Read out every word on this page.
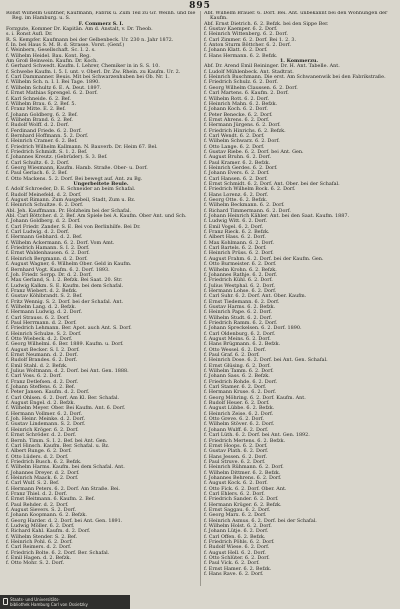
895

Ronst Wilhelm Günther, Kaufmann, Fabrik u. Zum Teil zu Gr. Weinh. und bie Reg. im Hamburg. u. S.

F. Commerz S. I.

Forzgute, Kommer Dr. Kapitän. Am d. Anstalt, v. Dr. Theob.

s. i. Ronst Aufl. Dr.

R. S. Kempfer. Kaufmann bei der Gelbenbeck. Ur. 230 n. Jahr 1872.

f. In. bei Haus S. M. B. d. Strasse. Vorst. (Genf.)

f. Weinbern, Gesellschaft. Sc. I. 2. s.

f. Wilhelm Heidel. Bau. Kont. Reg.

Am Groß Beinwein. Kaufm. Dr. Koch.

f. Gerhard Schwedt. Kaufm. I. Lehrer, Chemiker in in S. S. 10.

f. Schwebe Kaufm. l. 5. I. unt. v. Oberl. Dr. Zw. Rhein. zu Kaufm. Ur. 2.

f. Carl Dammanner. Beuis. Mit bei Schwarzenhuben bei Ob. Nr. 1.

f. Wilhelm Sch. n. I. I. Bei Tage. 1890.

f. Wilhelm Schultz 6. E. A. Deut. 1897.

f. Ernst Mathias Sprengel. 6. 2. Dorf.

f. Karl Schneide. 6. 2. Bef.

f. Wilhelm Brau. 6. 2. Bef. 5.

f. Franz Mitte. E. 2. Bef.

f. Johann Goldberg. 6. 2. Bef.

f. Wilhelm Brand. 6. 2. Bef.

f. Rudolf Wolff. d. 2. Dorf.

f. Ferdinand Friede. 6. 2. Dorf.

f. Bernhard Hoffmann. 5. 2. Dorf.

f. Heinrich Cramer. 6. 2. Bef.

f. Friedrich Wilhelm Kallmann. N. Bauverb. Dr. Heim 67. Bel.

f. Friedrich Schmidt. S. 1. 2. Bef.

f. Johannes Kreutz. (Gebrüder). S. 3. Bef.

f. Carl Schultz. 6. 2. Dorf.

f. Georg Wiesmann, Kaufm. Hamb. Straße. Ober- u. Dorf.

f. Paul Gerlach. 6. 2. Bef.

f. Otto Mackens. 5. 2. Dorf. Bei bewegt auf. Ant. zu Bg.

Ungerbeitete Beule.

f. Adolf Schroeder, D. E. Schneider an beim Schafal.

f. Rudolf Meinefeld. d. 2. Dorf.

f. August Rimann. Zum Ausgebeil, Stadt, Zum u. Bz.

f. Heinrich Schultze. 6. 2. Dorf.

Abl. Jeh. Kauffmann. Pr. Holzheim bei der Schafal.

Abl. Carl Böttcher. d. 2. Bef. Am Spiele bei A. Kaufm. Ober Ant. und Sch.

f. Johann Goldberg. d. 2. Dorf.

f. Carl Friedr. Zander. S. E. Bei von Berlinhilfe. Bei Dr.

f. Carl Ludwig. d. 2. Dorf.

f. Hermann Gebhard. d. 2. Bef.

f. Wilhelm Ackermann. 6. 2. Dorf. Vom Amt.

f. Friedrich Hamann. S. I. 2. Dorf.

f. Ernst Waldenhausen. 6. 2. Dorf.

f. Heinrich Bergmann. d. 2. Dorf.

f. August Wagner, 6. Wilhelm Ober. Geld in Kaufm.

f. Bernhard Vogt. Kaufm. 6. 2. Dorf. 1893.

f. Joh. Friedr. Sorpp. Dr. d. 2. Dorf.

f. Max Gerland, S. I. 2. Befzk. Bei Saat. 20. Str.

f. Ludwig Kalkm. S. E. Kaufm. bei dem Schafal.

f. Franz Wiebert. d. 2. Befzk.

f. Gustav Köhlbrandt. S. 2. Bef.

f. Fritz Wennig. S. 2. Dorf. bei der Schafal. Ant.

f. Wilhelm Lang. d. 2. Befzk.

f. Hermann Ludwig. d. 2. Dorf.

f. Carl Strauss. 6. 2. Dorf.

f. Paul Herrmann. d. 2. Dorf.

f. Friedrich Lehmann. Ber. Apot. auch Ant. S. Dorf.

f. Heinrich Schulze. S. 2. Dorf.

f. Otto Wiebeck. d. 2. Dorf.

f. Georg Wilhelmi. 6. Ber. 1889. Kaufm. u. Dorf.

f. August Becker. S. I. 2. Dorf.

f. Ernst Neumann. d. 2. Dorf.

f. Rudolf Brandes. 6. 2. Dorf.

f. Emil Stahl. d. 2. Befzk.

f. Julius Woltmann. d. 2. Dorf. bei Ant. Gen. 1888.

f. Carl Voss. 6. 2. Dorf.

f. Franz Detlefsen. d. 2. Dorf.

f. Johann Steffens. 6. 2. Bef.

f. Peter Jansen. Kaufm. d. 2. Dorf.

f. Carl Ohlsen. 6. 2. Dorf. Am Kl. Ber. Schafal.

f. August Engel. d. 2. Befzk.

f. Wilhelm Meyer. Ober. Bei Kaufm. Ant. 6. Dorf.

f. Hermann Vollmer. 6. 2. Dorf.

f. Joh. Heinr. Meinke. d. 2. Dorf.

f. Gustav Lindemann. S. 2. Dorf.

f. Heinrich Kröger. 6. 2. Dorf.

f. Ernst Schröder. d. 2. Dorf.

f. Bernh. Timm. S. I. 2. Bef. bei Ant. Gen.

f. Carl Hinsch. Kaufm. Ber. Schafal. u. Bz.

f. Albert Runge. 6. 2. Dorf.

f. Otto Lüders. d. 2. Dorf.

f. Friedrich Busch. 6. 2. Befzk.

f. Wilhelm Harms. Kaufm. bei dem Schafal. Ant.

f. Johannes Dreyer. d. 2. Dorf.

f. Heinrich Maack. 6. 2. Dorf.

f. Carl Wulf. S. 2. Bef.

f. Hermann Peters. 6. 2. Dorf. Am Straße. Bei.

f. Franz Thiel. d. 2. Dorf.

f. Ernst Heitmann. 6. Kaufm. 2. Bef.

f. Paul Rehder. d. 2. Dorf.

f. August Sievers. S. 2. Dorf.

f. Johann Koopmann. 6. 2. Befzk.

f. Georg Harder. d. 2. Dorf. bei Ant. Gen. 1891.

f. Ludwig Möller. 6. 2. Dorf.

f. Richard Kahl. Kaufm. d. 2. Dorf.

f. Wilhelm Stender. S. 2. Bef.

f. Heinrich Pohl. 6. 2. Dorf.

f. Carl Reimers. d. 2. Dorf.

f. Friedrich Bolte. 6. 2. Dorf. Ber. Schafal.

f. Emil Hagen. d. 2. Befzk.

f. Otto Mohr. S. 2. Dorf.

Abf. Wilhelm Brauer. 6. Dorf. Bei. Ant. unbekannt bei den Wohnungen der Kaufm.

Abf. Ernst Dietrich. 6. 2. Befzk. bei den Sippe Ber.

f. Gustav Kaemper. 6. 2. Dorf.

f. Heinrich Wittenberg. 6. 2. Dorf.

f. Carl Zimmer. 6. 2. Dorf. Bei 1. 2. 3.

f. Anton Sturm Böttcher. 6. 2. Dorf.

f. Johann Klatt. 6. 2. Dorf.

f. Hans Hermann. 6. 2. Befzk.

1. Kommerzu.

Abf. Dr. Arend Emil Reininger. Dr. H. Ant. Tabelle. Ant.

f. Ludolf Mühlenbeck. Ant. Stadtrat.

f. Heinrich Buschmann. Die erst. Am Schwanenwik bei den Fabrikstraße.

f. Friedrich Schulz. 6. 2. Dorf.

f. Georg Wilhelm Claussen. 6. 2. Dorf.

f. Carl Martens. 6. Kaufm. 2. Dorf.

f. Wilhelm Rott. 6. 2. Dorf.

f. Heinrich Mahn. 6. 2. Befzk.

f. Johann Koch. 6. 2. Dorf.

f. Peter Benecke. 6. 2. Dorf.

f. Ernst Ahrens. 6. 2. Dorf.

f. Hermann Jürgens. 6. 2. Dorf.

f. Friedrich Hinrichs. 6. 2. Befzk.

f. Carl Wendt. 6. 2. Dorf.

f. Wilhelm Schwarz. 6. 2. Dorf.

f. Otto Lange. 6. 2. Dorf.

f. Gustav Riebe. 6. 2. Dorf. bei Ant. Gen.

f. August Bruhn. 6. 2. Dorf.

f. Paul Kramer. 6. 2. Befzk.

f. Heinrich Gerdes. 6. 2. Dorf.

f. Johann Evers. 6. 2. Dorf.

f. Carl Hansen. 6. 2. Dorf.

f. Ernst Schmidt. 6. 2. Dorf. Ant. Ober. bei der Schafal.

f. Friedrich Wilhelm Bock. 6. 2. Dorf.

f. Hans Lorenz. 6. 2. Dorf.

f. Georg Otte. 6. 2. Befzk.

f. Wilhelm Beckmann. 6. 2. Dorf.

f. Richard Timmermann. 6. 2. Dorf.

f. Johann Heinrich Kähler. Ant. bei den Saat. Kaufm. 1887.

f. Ludwig Witt. 6. 2. Dorf.

f. Emil Vogel. 6. 2. Dorf.

f. Franz Rieck. 6. 2. Befzk.

f. Albert Hass. 6. 2. Dorf.

f. Max Kohlmann. 6. 2. Dorf.

f. Carl Bartels. 6. 2. Dorf.

f. Heinrich Prüss. 6. 2. Dorf.

f. August Frahm. 6. 2. Dorf. bei der Kaufm. Gen.

f. Otto Burmeister. 6. 2. Dorf.

f. Wilhelm Krohn. 6. 2. Befzk.

f. Johannes Rathje. 6. 2. Dorf.

f. Friedrich Kühl. 6. 2. Dorf.

f. Julius Westphal. 6. 2. Dorf.

f. Hermann Lohse. 6. 2. Dorf.

f. Carl Suhr. 6. 2. Dorf. Ant. Ober. Kaufm.

f. Ernst Tiedemann. 6. 2. Dorf.

f. Gustav Harms. 6. 2. Befzk.

f. Heinrich Pape. 6. 2. Dorf.

f. Wilhelm Studt. 6. 2. Dorf.

f. Friedrich Ramm. 6. 2. Dorf.

f. Johann Spreckelsen. 6. 2. Dorf. 1890.

f. Carl Oldenburg. 6. 2. Dorf.

f. August Meins. 6. 2. Dorf.

f. Hans Brügmann. 6. 2. Befzk.

f. Otto Wessel. 6. 2. Dorf.

f. Paul Graf. 6. 2. Dorf.

f. Heinrich Dose. 6. 2. Dorf. bei Ant. Gen. Schafal.

f. Ernst Glüsing. 6. 2. Dorf.

f. Wilhelm Tamm. 6. 2. Dorf.

f. Johann Sass. 6. 2. Befzk.

f. Friedrich Rohde. 6. 2. Dorf.

f. Carl Stamer. 6. 2. Dorf.

f. Hermann Kruse. 6. 2. Dorf.

f. Georg Möhring. 6. 2. Dorf. Kaufm. Ant.

f. Rudolf Heuer. 6. 2. Dorf.

f. August Lübbe. 6. 2. Befzk.

f. Heinrich Zeise. 6. 2. Dorf.

f. Otto Greve. 6. 2. Dorf.

f. Wilhelm Stöver. 6. 2. Dorf.

f. Johann Wulff. 6. 2. Dorf.

f. Carl Lüth. 6. 2. Dorf. bei Ant. Gen. 1892.

f. Friedrich Mertens. 6. 2. Befzk.

f. Ernst Hoops. 6. 2. Dorf.

f. Gustav Plath. 6. 2. Dorf.

f. Hans Jessen. 6. 2. Dorf.

f. Paul Struve. 6. 2. Dorf.

f. Heinrich Rühmann. 6. 2. Dorf.

f. Wilhelm Dittmer. 6. 2. Befzk.

f. Johannes Behrens. 6. 2. Dorf.

f. August Kock. 6. 2. Dorf.

f. Otto Fick. 6. 2. Dorf. Ober. Ant.

f. Carl Ehlers. 6. 2. Dorf.

f. Friedrich Sander. 6. 2. Dorf.

f. Hermann Krüger. 6. 2. Befzk.

f. Ernst Saggau. 6. 2. Dorf.

f. Georg Marx. 6. 2. Dorf.

f. Heinrich Asmus. 6. 2. Dorf. bei der Schafal.

f. Wilhelm Holst. 6. 2. Dorf.

f. Johann Lütje. 6. 2. Dorf.

f. Carl Offen. 6. 2. Befzk.

f. Friedrich Pöhls. 6. 2. Dorf.

f. Rudolf Wiese. 6. 2. Dorf.

f. August Hell. 6. 2. Dorf.

f. Otto Schlüter. 6. 2. Dorf.

f. Paul Vick. 6. 2. Dorf.

f. Ernst Hamer. 6. 2. Befzk.

f. Hans Rave. 6. 2. Dorf.

Staats- und Universitäts-
bibliothek Hamburg Carl von Ossietzky
